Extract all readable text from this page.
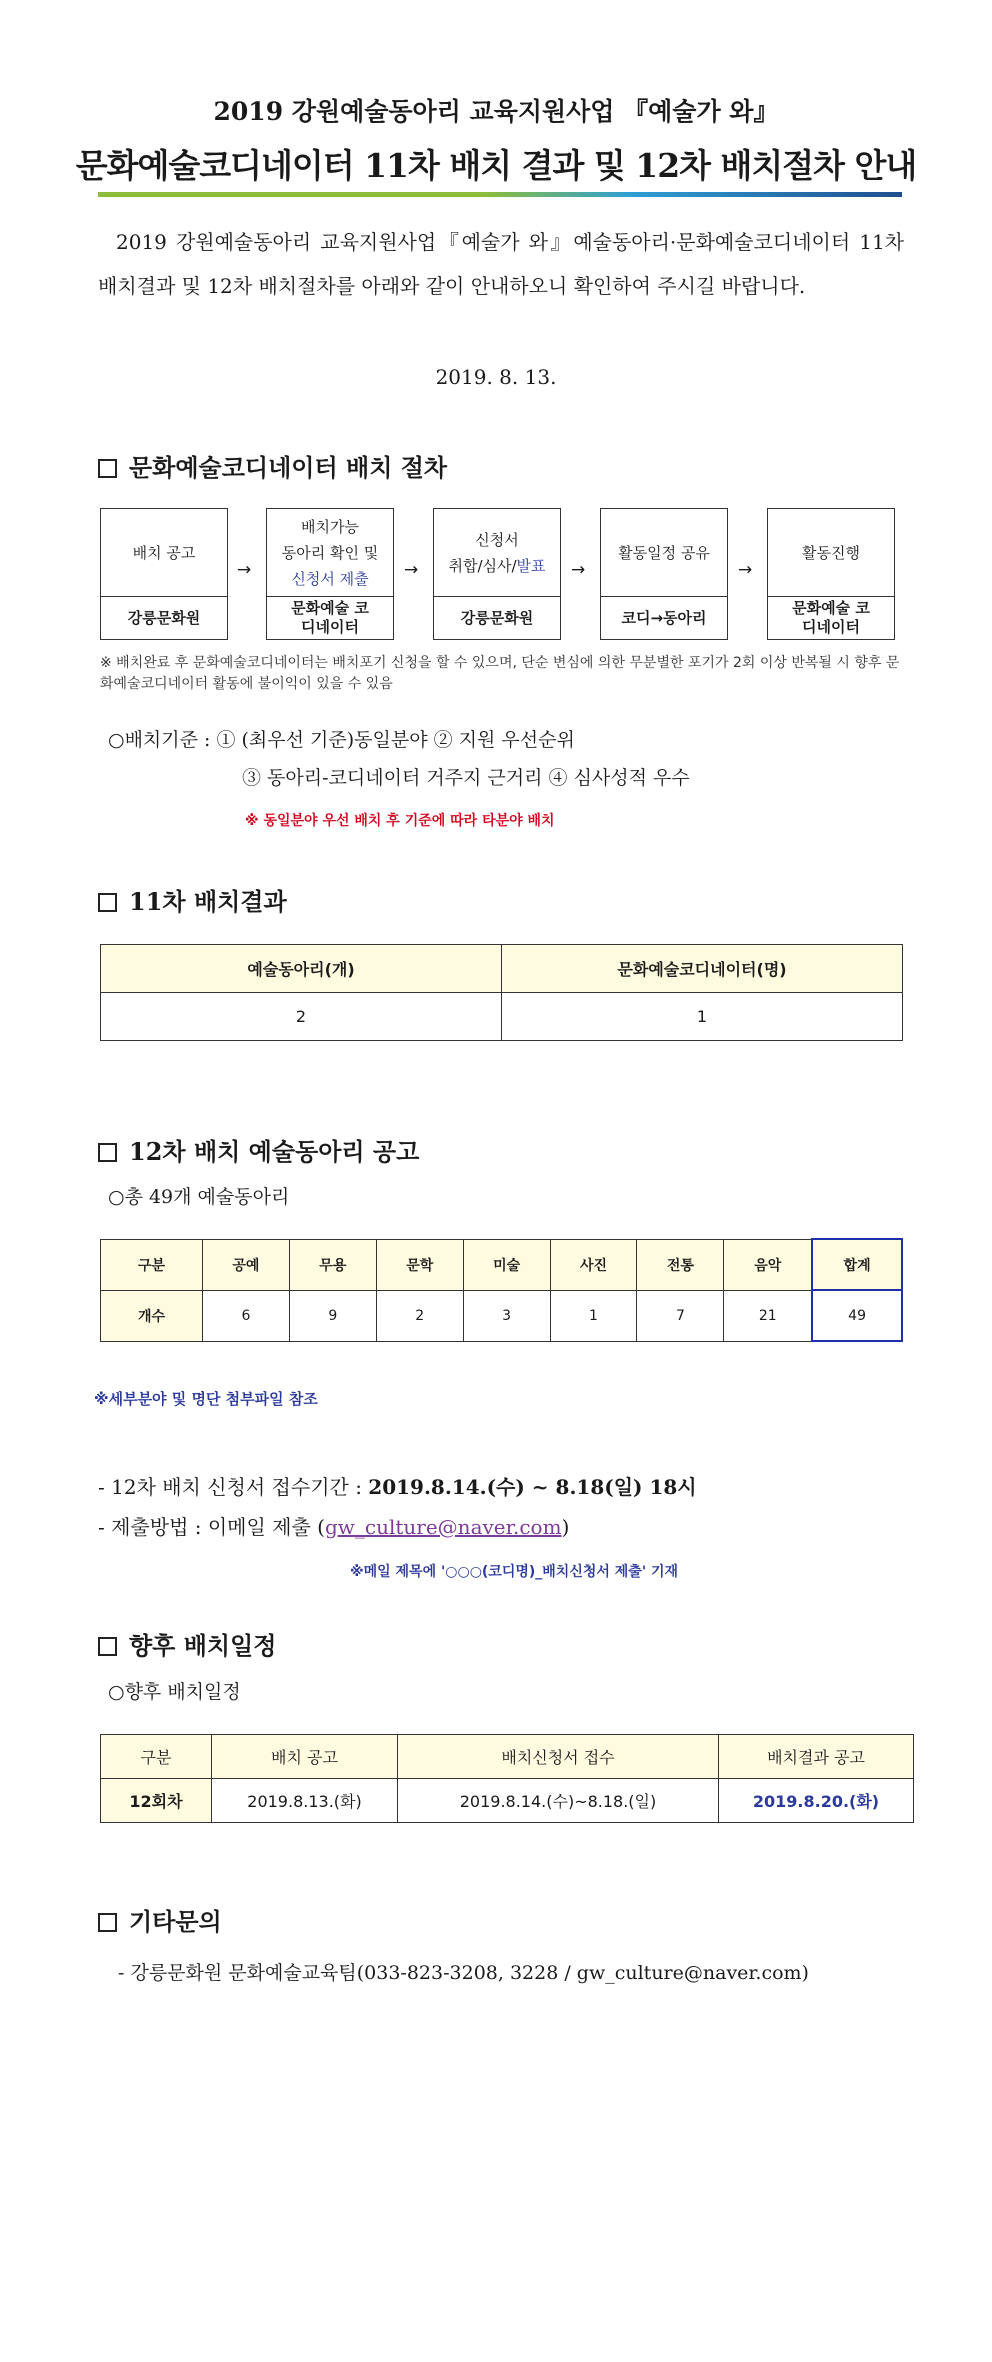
2019 강원예술동아리 교육지원사업 『예술가 와』
문화예술코디네이터 11차 배치 결과 및 12차 배치절차 안내
2019 강원예술동아리 교육지원사업『예술가 와』예술동아리·문화예술코디네이터 11차 배치결과 및 12차 배치절차를 아래와 같이 안내하오니 확인하여 주시길 바랍니다.
2019. 8. 13.
문화예술코디네이터 배치 절차
배치 공고
강릉문화원
→
배치가능
동아리 확인 및
신청서 제출
문화예술 코디네이터
→
신청서
취합/심사/발표
강릉문화원
→
활동일정 공유
코디→동아리
→
활동진행
문화예술 코디네이터
※ 배치완료 후 문화예술코디네이터는 배치포기 신청을 할 수 있으며, 단순 변심에 의한 무분별한 포기가 2회 이상 반복될 시 향후 문화예술코디네이터 활동에 불이익이 있을 수 있음
○배치기준 : ① (최우선 기준)동일분야 ② 지원 우선순위
③ 동아리-코디네이터 거주지 근거리 ④ 심사성적 우수
※ 동일분야 우선 배치 후 기준에 따라 타분야 배치
11차 배치결과
예술동아리(개)	문화예술코디네이터(명)
2	1
12차 배치 예술동아리 공고
○총 49개 예술동아리
구분	공예	무용	문학	미술	사진	전통	음악	합계
개수	6	9	2	3	1	7	21	49
※세부분야 및 명단 첨부파일 참조
- 12차 배치 신청서 접수기간 : 2019.8.14.(수) ~ 8.18(일) 18시
- 제출방법 : 이메일 제출 (gw_culture@naver.com)
※메일 제목에 '○○○(코디명)_배치신청서 제출' 기재
향후 배치일정
○향후 배치일정
구분	배치 공고	배치신청서 접수	배치결과 공고
12회차	2019.8.13.(화)	2019.8.14.(수)~8.18.(일)	2019.8.20.(화)
기타문의
- 강릉문화원 문화예술교육팀(033-823-3208, 3228 / gw_culture@naver.com)
